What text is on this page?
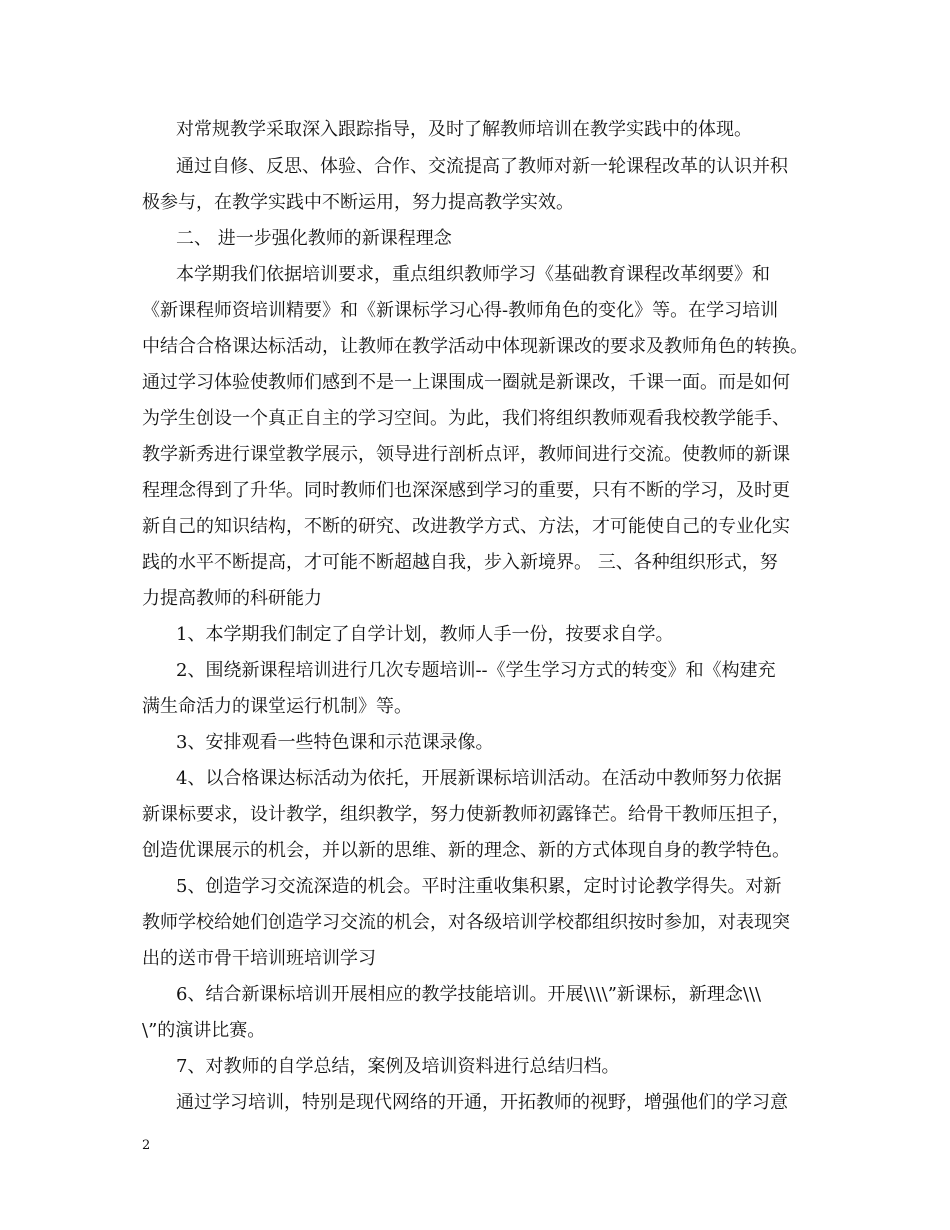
对常规教学采取深入跟踪指导，及时了解教师培训在教学实践中的体现。
通过自修、反思、体验、合作、交流提高了教师对新一轮课程改革的认识并积
极参与，在教学实践中不断运用，努力提高教学实效。
二、 进一步强化教师的新课程理念
本学期我们依据培训要求，重点组织教师学习《基础教育课程改革纲要》和
《新课程师资培训精要》和《新课标学习心得-教师角色的变化》等。在学习培训
中结合合格课达标活动，让教师在教学活动中体现新课改的要求及教师角色的转换。
通过学习体验使教师们感到不是一上课围成一圈就是新课改，千课一面。而是如何
为学生创设一个真正自主的学习空间。为此，我们将组织教师观看我校教学能手、
教学新秀进行课堂教学展示，领导进行剖析点评，教师间进行交流。使教师的新课
程理念得到了升华。同时教师们也深深感到学习的重要，只有不断的学习，及时更
新自己的知识结构，不断的研究、改进教学方式、方法，才可能使自己的专业化实
践的水平不断提高，才可能不断超越自我，步入新境界。 三、各种组织形式，努
力提高教师的科研能力
1、本学期我们制定了自学计划，教师人手一份，按要求自学。
2、围绕新课程培训进行几次专题培训--《学生学习方式的转变》和《构建充
满生命活力的课堂运行机制》等。
3、安排观看一些特色课和示范课录像。
4、以合格课达标活动为依托，开展新课标培训活动。在活动中教师努力依据
新课标要求，设计教学，组织教学，努力使新教师初露锋芒。给骨干教师压担子，
创造优课展示的机会，并以新的思维、新的理念、新的方式体现自身的教学特色。
5、创造学习交流深造的机会。平时注重收集积累，定时讨论教学得失。对新
教师学校给她们创造学习交流的机会，对各级培训学校都组织按时参加，对表现突
出的送市骨干培训班培训学习
6、结合新课标培训开展相应的教学技能培训。开展\\\\”新课标，新理念\\\
\”的演讲比赛。
7、对教师的自学总结，案例及培训资料进行总结归档。
通过学习培训，特别是现代网络的开通，开拓教师的视野，增强他们的学习意
2
